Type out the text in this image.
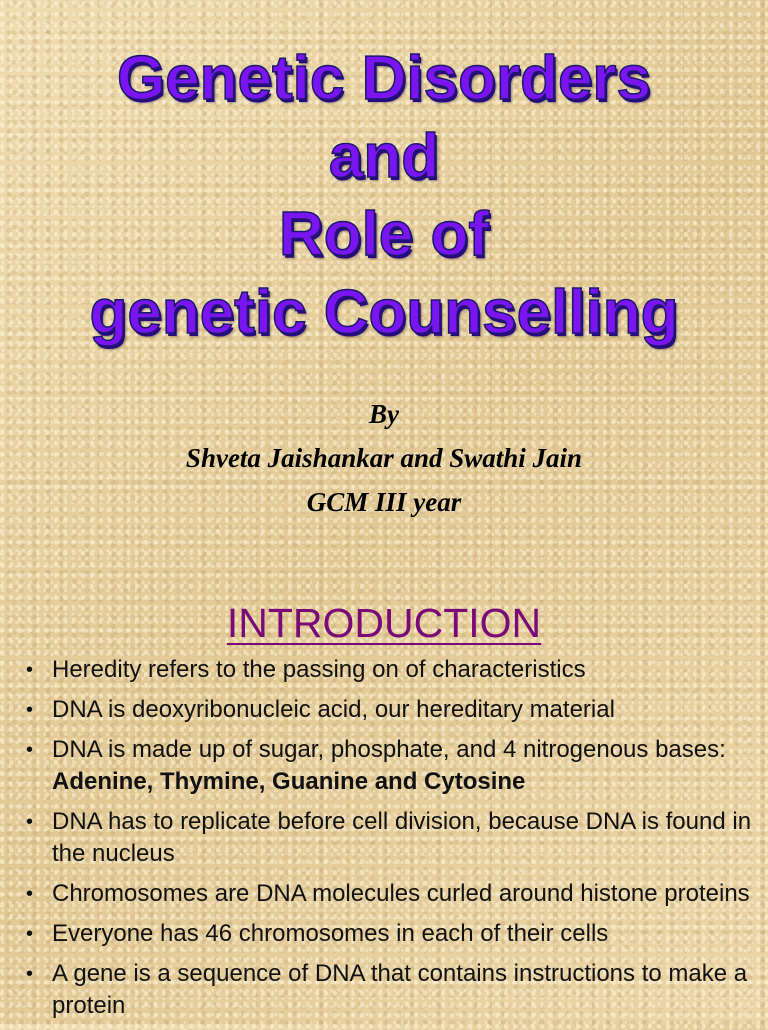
Genetic Disorders
and
Role of
genetic Counselling
By
Shveta Jaishankar and Swathi Jain
GCM III year
INTRODUCTION
• Heredity refers to the passing on of characteristics
• DNA is deoxyribonucleic acid, our hereditary material
• DNA is made up of sugar, phosphate, and 4 nitrogenous bases: Adenine, Thymine, Guanine and Cytosine
• DNA has to replicate before cell division, because DNA is found in the nucleus
• Chromosomes are DNA molecules curled around histone proteins
• Everyone has 46 chromosomes in each of their cells
• A gene is a sequence of DNA that contains instructions to make a protein
